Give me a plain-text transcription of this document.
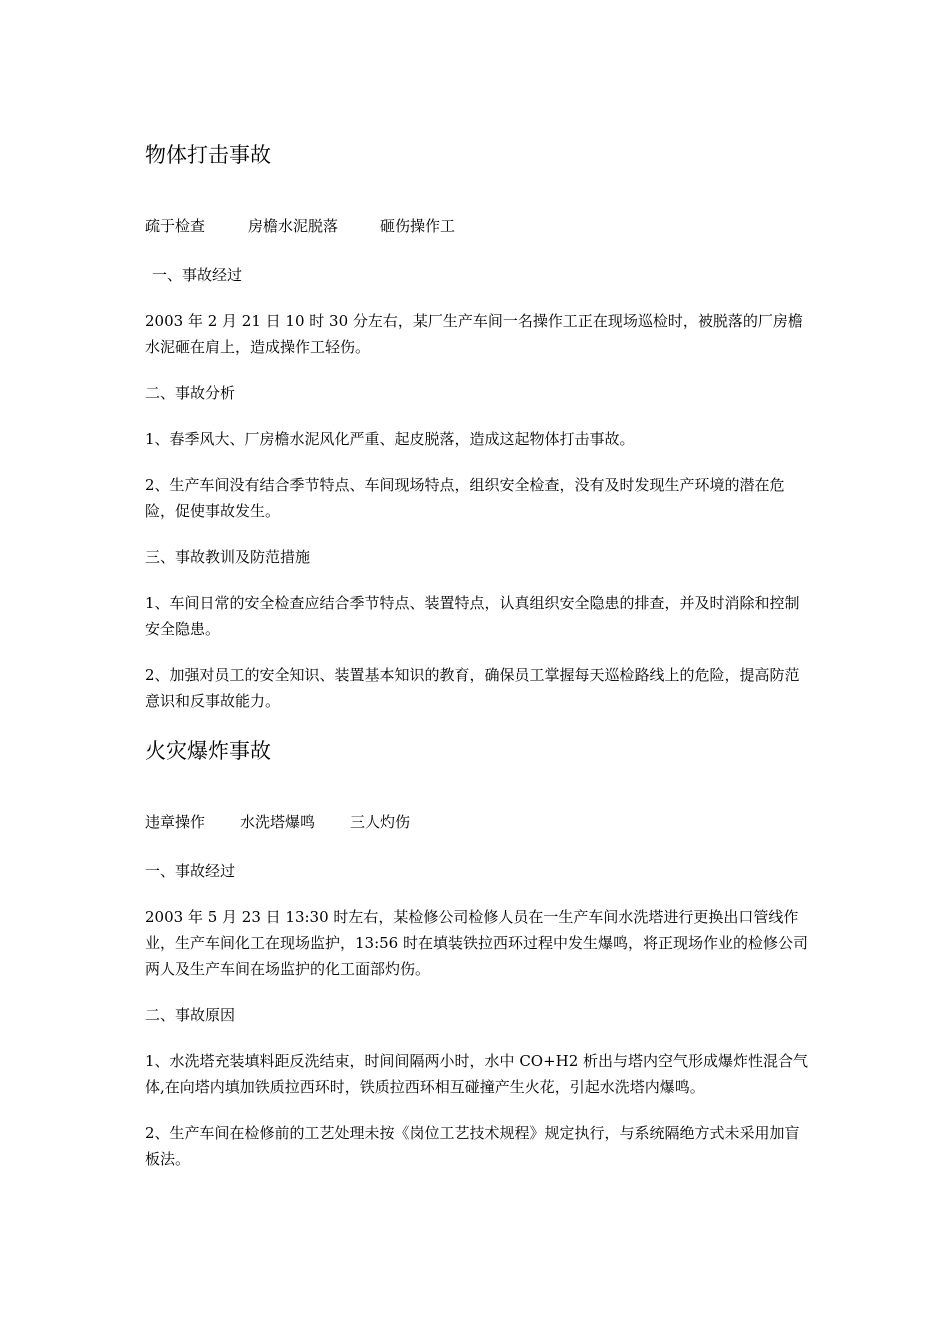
物体打击事故
疏于检查	房檐水泥脱落	砸伤操作工
一、事故经过
2003 年 2 月 21 日 10 时 30 分左右，某厂生产车间一名操作工正在现场巡检时，被脱落的厂房檐水泥砸在肩上，造成操作工轻伤。
二、事故分析
1、春季风大、厂房檐水泥风化严重、起皮脱落，造成这起物体打击事故。
2、生产车间没有结合季节特点、车间现场特点，组织安全检查，没有及时发现生产环境的潜在危险，促使事故发生。
三、事故教训及防范措施
1、车间日常的安全检查应结合季节特点、装置特点，认真组织安全隐患的排查，并及时消除和控制安全隐患。
2、加强对员工的安全知识、装置基本知识的教育，确保员工掌握每天巡检路线上的危险，提高防范意识和反事故能力。
火灾爆炸事故
违章操作 水洗塔爆鸣 三人灼伤
一、事故经过
2003 年 5 月 23 日 13:30 时左右，某检修公司检修人员在一生产车间水洗塔进行更换出口管线作业，生产车间化工在现场监护，13:56 时在填装铁拉西环过程中发生爆鸣，将正现场作业的检修公司两人及生产车间在场监护的化工面部灼伤。
二、事故原因
1、水洗塔充装填料距反洗结束，时间间隔两小时，水中 CO+H2 析出与塔内空气形成爆炸性混合气体,在向塔内填加铁质拉西环时，铁质拉西环相互碰撞产生火花，引起水洗塔内爆鸣。
2、生产车间在检修前的工艺处理未按《岗位工艺技术规程》规定执行，与系统隔绝方式未采用加盲板法。
